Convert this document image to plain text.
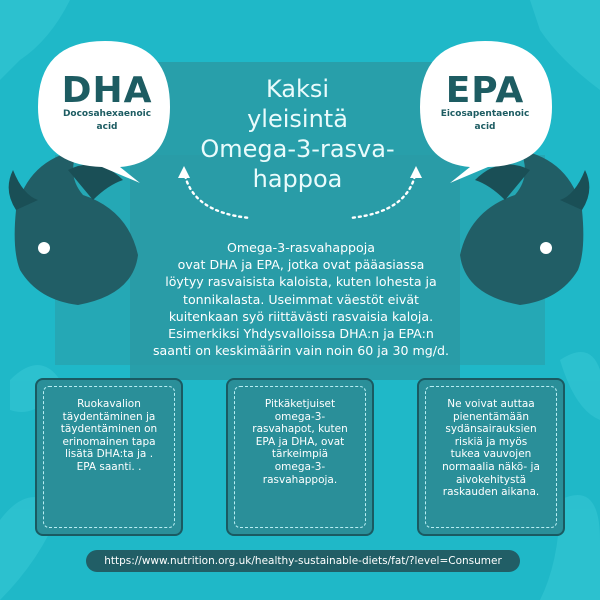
DHA
Docosahexaenoic
acid
EPA
Eicosapentaenoic
acid
Kaksi
yleisintä
Omega-3-rasva-
happoa
Omega-3-rasvahappoja
ovat DHA ja EPA, jotka ovat pääasiassa
löytyy rasvaisista kaloista, kuten lohesta ja
tonnikalasta. Useimmat väestöt eivät
kuitenkaan syö riittävästi rasvaisia kaloja.
Esimerkiksi Yhdysvalloissa DHA:n ja EPA:n
saanti on keskimäärin vain noin 60 ja 30 mg/d.
Ruokavalion
täydentäminen ja
täydentäminen on
erinomainen tapa
lisätä DHA:ta ja .
EPA saanti. .
Pitkäketjuiset
omega-3-
rasvahapot, kuten
EPA ja DHA, ovat
tärkeimpiä
omega-3-
rasvahappoja.
Ne voivat auttaa
pienentämään
sydänsairauksien
riskiä ja myös
tukea vauvojen
normaalia näkö- ja
aivokehitystä
raskauden aikana.
https://www.nutrition.org.uk/healthy-sustainable-diets/fat/?level=Consumer
